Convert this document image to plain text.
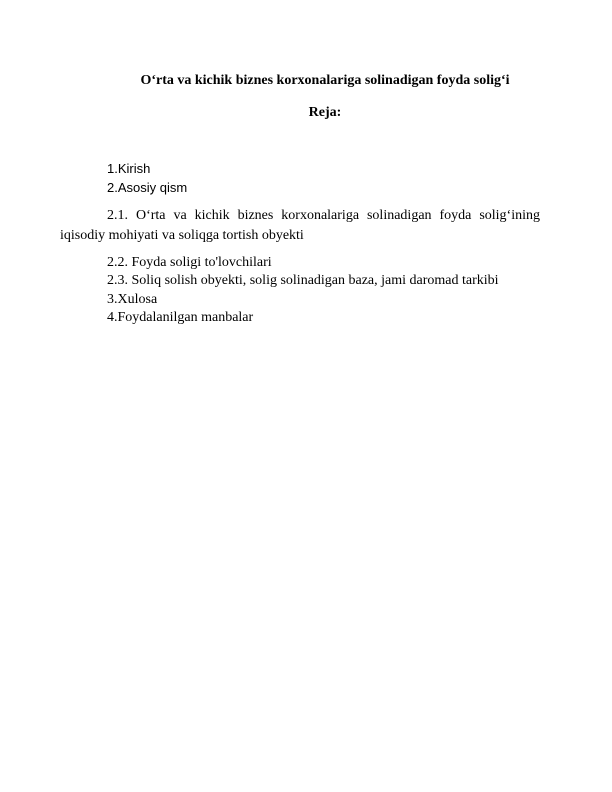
O‘rta va kichik biznes korxonalariga solinadigan foyda solig‘i
Reja:
1.Kirish
2.Asosiy qism
2.1. O‘rta va kichik biznes korxonalariga solinadigan foyda solig‘ining
iqisodiy mohiyati va soliqga tortish obyekti
2.2. Foyda soligi to'lovchilari
2.3. Soliq solish obyekti, solig solinadigan baza, jami daromad tarkibi
3.Xulosa
4.Foydalanilgan manbalar
